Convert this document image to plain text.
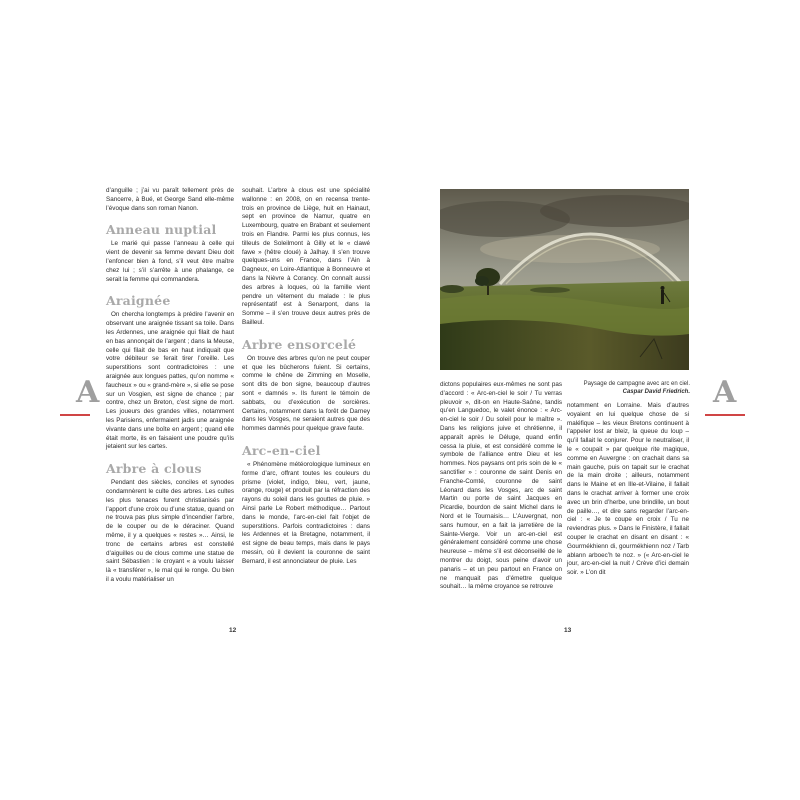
A

d’anguille ; j’ai vu paraît tellement près de Sancerre, à Bué, et George Sand elle-même l’évoque dans son roman Nanon.

Anneau nuptial

Le marié qui passe l’anneau à celle qui vient de devenir sa femme devant Dieu doit l’enfoncer bien à fond, s’il veut être maître chez lui ; s’il s’arrête à une phalange, ce serait la femme qui commandera.

Araignée

On chercha longtemps à prédire l’avenir en observant une araignée tissant sa toile. Dans les Ardennes, une araignée qui filait de haut en bas annonçait de l’argent ; dans la Meuse, celle qui filait de bas en haut indiquait que votre débiteur se ferait tirer l’oreille. Les superstitions sont contradictoires : une araignée aux longues pattes, qu’on nomme « faucheux » ou « grand-mère », si elle se pose sur un Vosgien, est signe de chance ; par contre, chez un Breton, c’est signe de mort. Les joueurs des grandes villes, notamment les Parisiens, enfermaient jadis une araignée vivante dans une boîte en argent ; quand elle était morte, ils en faisaient une poudre qu’ils jetaient sur les cartes.

Arbre à clous

Pendant des siècles, conciles et synodes condamnèrent le culte des arbres. Les cultes les plus tenaces furent christianisés par l’apport d’une croix ou d’une statue, quand on ne trouva pas plus simple d’incendier l’arbre, de le couper ou de le déraciner. Quand même, il y a quelques « restes »… Ainsi, le tronc de certains arbres est constellé d’aiguilles ou de clous comme une statue de saint Sébastien : le croyant « a voulu laisser là « transférer », le mal qui le ronge. Ou bien il a voulu matérialiser un

souhait. L’arbre à clous est une spécialité wallonne : en 2008, on en recensa trente-trois en province de Liège, huit en Hainaut, sept en province de Namur, quatre en Luxembourg, quatre en Brabant et seulement trois en Flandre. Parmi les plus connus, les tilleuls de Soleilmont à Gilly et le « clawé fawe » (hêtre cloué) à Jalhay. Il s’en trouve quelques-uns en France, dans l’Ain à Dagneux, en Loire-Atlantique à Bonneuvre et dans la Nièvre à Corancy. On connaît aussi des arbres à loques, où la famille vient pendre un vêtement du malade : le plus représentatif est à Senarpont, dans la Somme – il s’en trouve deux autres près de Bailleul.

Arbre ensorcelé

On trouve des arbres qu’on ne peut couper et que les bûcherons fuient. Si certains, comme le chêne de Zimming en Moselle, sont dits de bon signe, beaucoup d’autres sont « damnés ». Ils furent le témoin de sabbats, ou d’exécution de sorcières. Certains, notamment dans la forêt de Darney dans les Vosges, ne seraient autres que des hommes damnés pour quelque grave faute.

Arc-en-ciel

« Phénomène météorologique lumineux en forme d’arc, offrant toutes les couleurs du prisme (violet, indigo, bleu, vert, jaune, orange, rouge) et produit par la réfraction des rayons du soleil dans les gouttes de pluie. » Ainsi parle Le Robert méthodique… Partout dans le monde, l’arc-en-ciel fait l’objet de superstitions. Parfois contradictoires : dans les Ardennes et la Bretagne, notamment, il est signe de beau temps, mais dans le pays messin, où il devient la couronne de saint Bernard, il est annonciateur de pluie. Les

12
Paysage de campagne avec arc en ciel.
Caspar David Friedrich. A

dictons populaires eux-mêmes ne sont pas d’accord : « Arc-en-ciel le soir / Tu verras pleuvoir », dit-on en Haute-Saône, tandis qu’en Languedoc, le valet énonce : « Arc-en-ciel le soir / Du soleil pour le maître ». Dans les religions juive et chrétienne, il apparaît après le Déluge, quand enfin cessa la pluie, et est considéré comme le symbole de l’alliance entre Dieu et les hommes. Nos paysans ont pris soin de le « sanctifier » : couronne de saint Denis en Franche-Comté, couronne de saint Léonard dans les Vosges, arc de saint Martin ou porte de saint Jacques en Picardie, bourdon de saint Michel dans le Nord et le Tournaisis… L’Auvergnat, non sans humour, en a fait la jarretière de la Sainte-Vierge. Voir un arc-en-ciel est généralement considéré comme une chose heureuse – même s’il est déconseillé de le montrer du doigt, sous peine d’avoir un panaris – et un peu partout en France on ne manquait pas d’émettre quelque souhait… la même croyance se retrouve

notamment en Lorraine. Mais d’autres voyaient en lui quelque chose de si maléfique – les vieux Bretons continuent à l’appeler lost ar bleiz, la queue du loup – qu’il fallait le conjurer. Pour le neutraliser, il le « coupait » par quelque rite magique, comme en Auvergne : on crachait dans sa main gauche, puis on tapait sur le crachat de la main droite ; ailleurs, notamment dans le Maine et en Ille-et-Vilaine, il fallait dans le crachat arriver à former une croix avec un brin d’herbe, une brindille, un bout de paille…, et dire sans regarder l’arc-en-ciel : « Je te coupe en croix / Tu ne reviendras plus. » Dans le Finistère, il fallait couper le crachat en disant en disant : « Gourmékhienn di, gourmékhienn noz / Tarb ablann arboec’h te noz. » (« Arc-en-ciel le jour, arc-en-ciel la nuit / Crève d’ici demain soir. » L’on dit

13
